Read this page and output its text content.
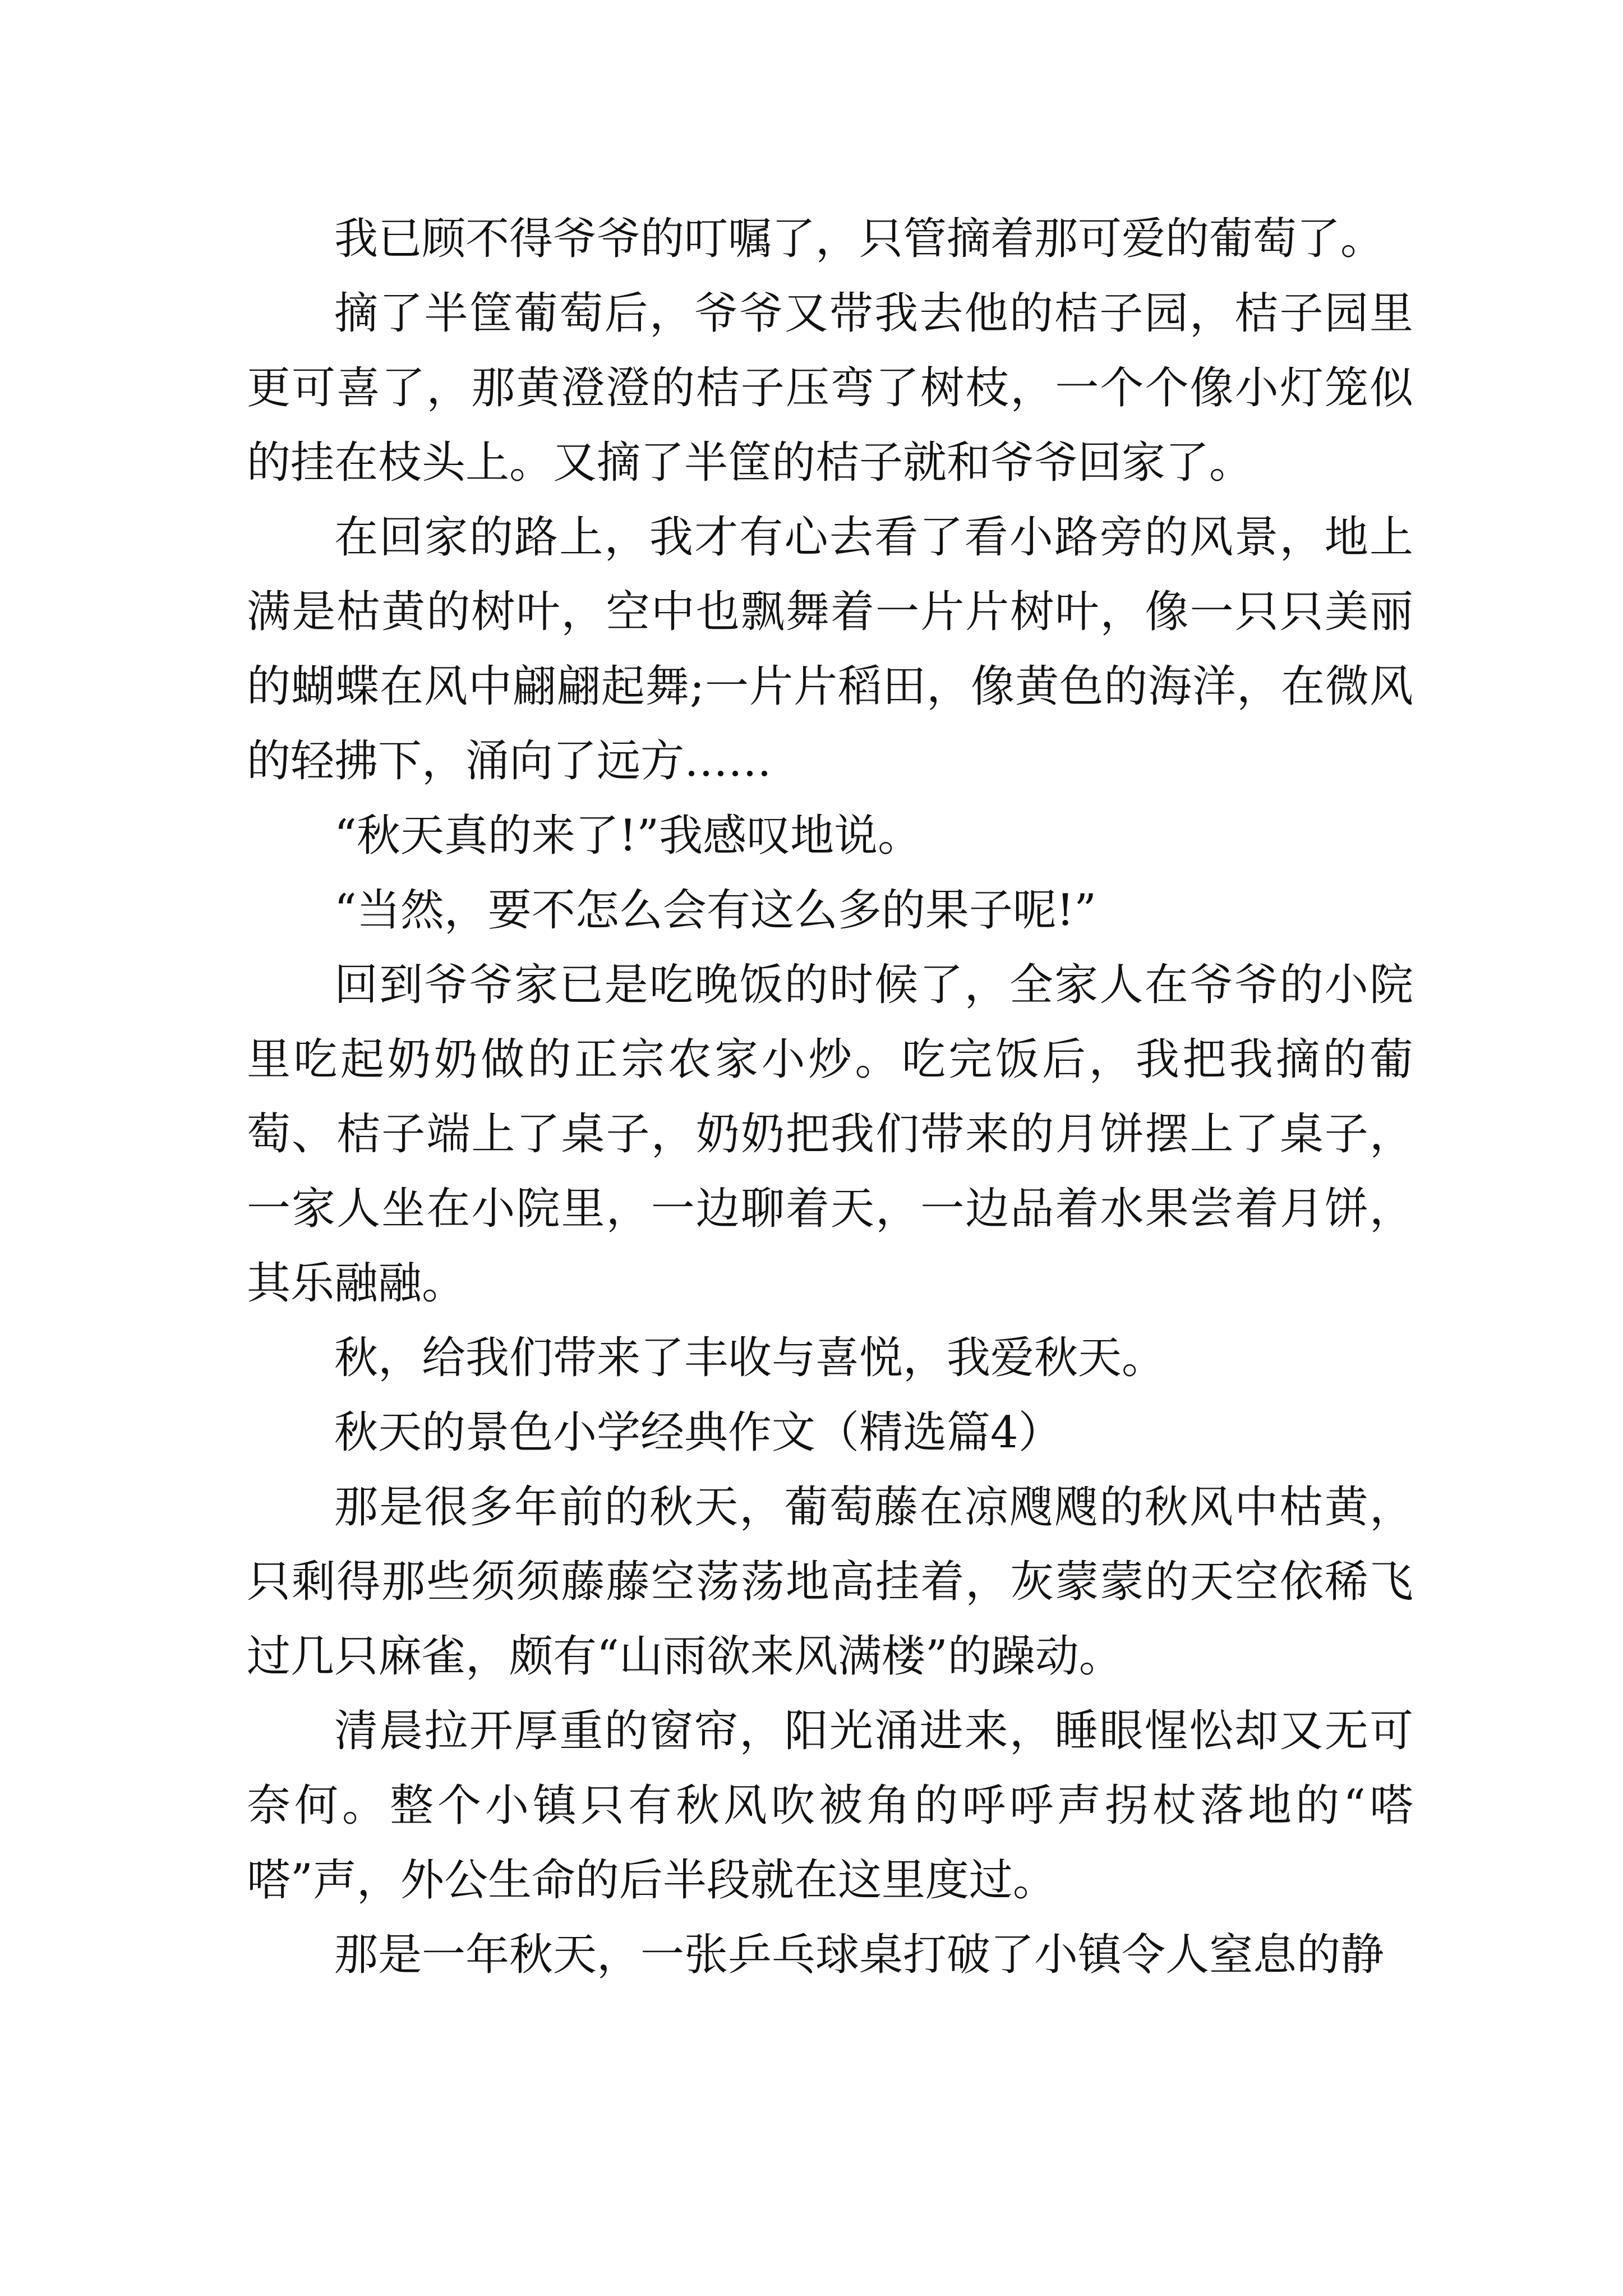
我已顾不得爷爷的叮嘱了，只管摘着那可爱的葡萄了。

摘了半筐葡萄后，爷爷又带我去他的桔子园，桔子园里更可喜了，那黄澄澄的桔子压弯了树枝，一个个像小灯笼似的挂在枝头上。又摘了半筐的桔子就和爷爷回家了。

在回家的路上，我才有心去看了看小路旁的风景，地上满是枯黄的树叶，空中也飘舞着一片片树叶，像一只只美丽的蝴蝶在风中翩翩起舞;一片片稻田，像黄色的海洋，在微风的轻拂下，涌向了远方……

“秋天真的来了!”我感叹地说。

“当然，要不怎么会有这么多的果子呢!”

回到爷爷家已是吃晚饭的时候了，全家人在爷爷的小院里吃起奶奶做的正宗农家小炒。吃完饭后，我把我摘的葡萄、桔子端上了桌子，奶奶把我们带来的月饼摆上了桌子，一家人坐在小院里，一边聊着天，一边品着水果尝着月饼，其乐融融。

秋，给我们带来了丰收与喜悦，我爱秋天。

秋天的景色小学经典作文（精选篇4）

那是很多年前的秋天，葡萄藤在凉飕飕的秋风中枯黄，只剩得那些须须藤藤空荡荡地高挂着，灰蒙蒙的天空依稀飞过几只麻雀，颇有“山雨欲来风满楼”的躁动。

清晨拉开厚重的窗帘，阳光涌进来，睡眼惺忪却又无可奈何。整个小镇只有秋风吹被角的呼呼声拐杖落地的“嗒嗒”声，外公生命的后半段就在这里度过。

那是一年秋天，一张乒乓球桌打破了小镇令人窒息的静
